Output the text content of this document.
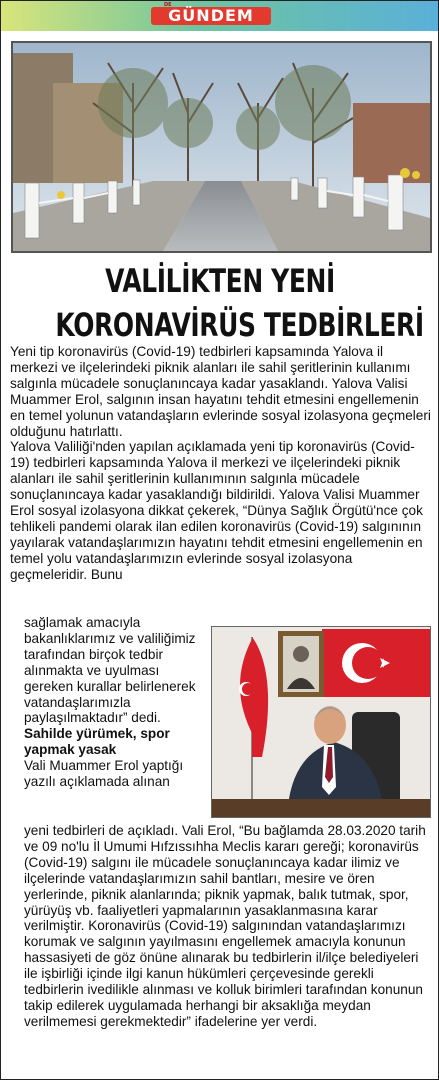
GÜNDEM
DE
VALİLİKTEN YENİ
KORONAVİRÜS TEDBİRLERİ

Yeni tip koronavirüs (Covid-19) tedbirleri kapsamında Yalova il merkezi ve ilçelerindeki piknik alanları ile sahil şeritlerinin kullanımı salgınla mücadele sonuçlanıncaya kadar yasaklandı. Yalova Valisi Muammer Erol, salgının insan hayatını tehdit etmesini engellemenin en temel yolunun vatandaşların evlerinde sosyal izolasyona geçmeleri olduğunu hatırlattı.

Yalova Valiliği'nden yapılan açıklamada yeni tip koronavirüs (Covid-19) tedbirleri kapsamında Yalova il merkezi ve ilçelerindeki piknik alanları ile sahil şeritlerinin kullanımının salgınla mücadele sonuçlanıncaya kadar yasaklandığı bildirildi. Yalova Valisi Muammer Erol sosyal izolasyona dikkat çekerek, “Dünya Sağlık Örgütü'nce çok tehlikeli pandemi olarak ilan edilen koronavirüs (Covid-19) salgınının yayılarak vatandaşlarımızın hayatını tehdit etmesini engellemenin en temel yolu vatandaşlarımızın evlerinde sosyal izolasyona geçmeleridir. Bunu

sağlamak amacıyla bakanlıklarımız ve valiliğimiz tarafından birçok tedbir alınmakta ve uyulması gereken kurallar belirlenerek vatandaşlarımızla paylaşılmaktadır” dedi.

Sahilde yürümek, spor yapmak yasak

Vali Muammer Erol yaptığı yazılı açıklamada alınan

yeni tedbirleri de açıkladı. Vali Erol, “Bu bağlamda 28.03.2020 tarih ve 09 no'lu İl Umumi Hıfzıssıhha Meclis kararı gereği; koronavirüs (Covid-19) salgını ile mücadele sonuçlanıncaya kadar ilimiz ve ilçelerinde vatandaşlarımızın sahil bantları, mesire ve ören yerlerinde, piknik alanlarında; piknik yapmak, balık tutmak, spor, yürüyüş vb. faaliyetleri yapmalarının yasaklanmasına karar verilmiştir. Koronavirüs (Covid-19) salgınından vatandaşlarımızı korumak ve salgının yayılmasını engellemek amacıyla konunun hassasiyeti de göz önüne alınarak bu tedbirlerin il/ilçe belediyeleri ile işbirliği içinde ilgi kanun hükümleri çerçevesinde gerekli tedbirlerin ivedilikle alınması ve kolluk birimleri tarafından konunun takip edilerek uygulamada herhangi bir aksaklığa meydan verilmemesi gerekmektedir” ifadelerine yer verdi.
